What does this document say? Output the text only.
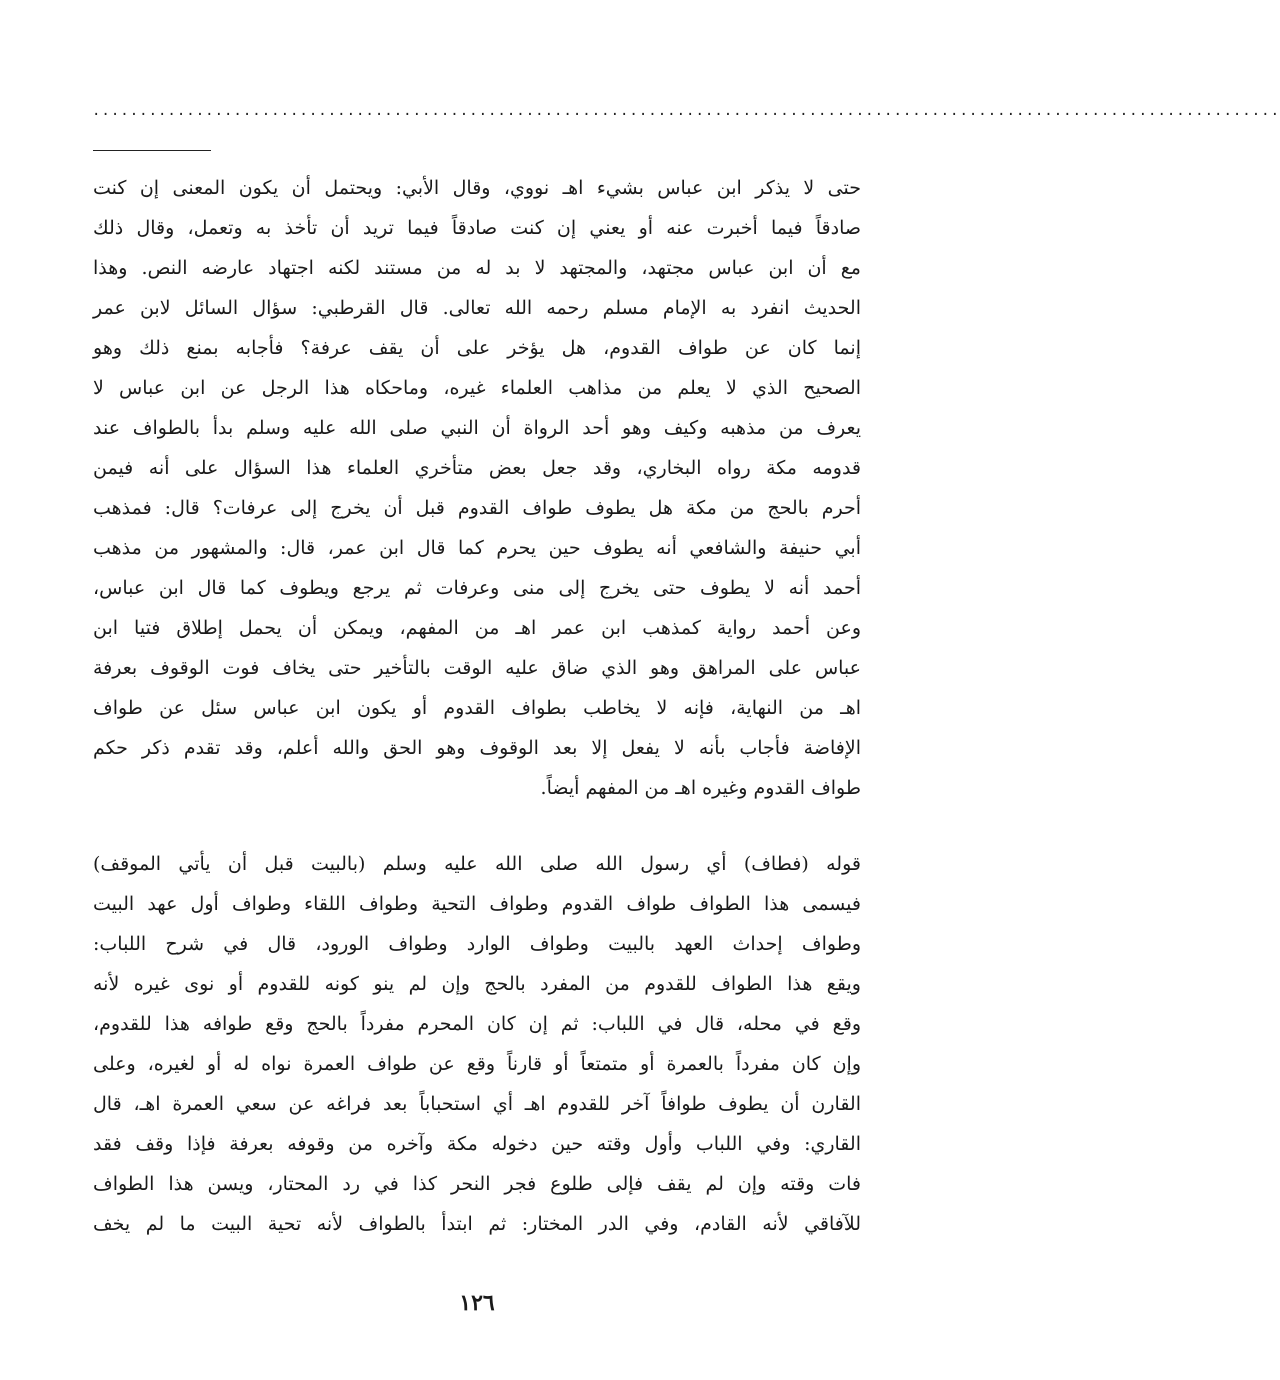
..............................................................................................................................
حتى لا يذكر ابن عباس بشيء اهـ نووي، وقال الأبي: ويحتمل أن يكون المعنى إن كنت
صادقاً فيما أخبرت عنه أو يعني إن كنت صادقاً فيما تريد أن تأخذ به وتعمل، وقال ذلك
مع أن ابن عباس مجتهد، والمجتهد لا بد له من مستند لكنه اجتهاد عارضه النص. وهذا
الحديث انفرد به الإمام مسلم رحمه الله تعالى. قال القرطبي: سؤال السائل لابن عمر
إنما كان عن طواف القدوم، هل يؤخر على أن يقف عرفة؟ فأجابه بمنع ذلك وهو
الصحيح الذي لا يعلم من مذاهب العلماء غيره، وماحكاه هذا الرجل عن ابن عباس لا
يعرف من مذهبه وكيف وهو أحد الرواة أن النبي صلى الله عليه وسلم بدأ بالطواف عند
قدومه مكة رواه البخاري، وقد جعل بعض متأخري العلماء هذا السؤال على أنه فيمن
أحرم بالحج من مكة هل يطوف طواف القدوم قبل أن يخرج إلى عرفات؟ قال: فمذهب
أبي حنيفة والشافعي أنه يطوف حين يحرم كما قال ابن عمر، قال: والمشهور من مذهب
أحمد أنه لا يطوف حتى يخرج إلى منى وعرفات ثم يرجع ويطوف كما قال ابن عباس،
وعن أحمد رواية كمذهب ابن عمر اهـ من المفهم، ويمكن أن يحمل إطلاق فتيا ابن
عباس على المراهق وهو الذي ضاق عليه الوقت بالتأخير حتى يخاف فوت الوقوف بعرفة
اهـ من النهاية، فإنه لا يخاطب بطواف القدوم أو يكون ابن عباس سئل عن طواف
الإفاضة فأجاب بأنه لا يفعل إلا بعد الوقوف وهو الحق والله أعلم، وقد تقدم ذكر حكم
طواف القدوم وغيره اهـ من المفهم أيضاً.
قوله (فطاف) أي رسول الله صلى الله عليه وسلم (بالبيت قبل أن يأتي الموقف)
فيسمى هذا الطواف طواف القدوم وطواف التحية وطواف اللقاء وطواف أول عهد البيت
وطواف إحداث العهد بالبيت وطواف الوارد وطواف الورود، قال في شرح اللباب:
ويقع هذا الطواف للقدوم من المفرد بالحج وإن لم ينو كونه للقدوم أو نوى غيره لأنه
وقع في محله، قال في اللباب: ثم إن كان المحرم مفرداً بالحج وقع طوافه هذا للقدوم،
وإن كان مفرداً بالعمرة أو متمتعاً أو قارناً وقع عن طواف العمرة نواه له أو لغيره، وعلى
القارن أن يطوف طوافاً آخر للقدوم اهـ أي استحباباً بعد فراغه عن سعي العمرة اهـ، قال
القاري: وفي اللباب وأول وقته حين دخوله مكة وآخره من وقوفه بعرفة فإذا وقف فقد
فات وقته وإن لم يقف فإلى طلوع فجر النحر كذا في رد المحتار، ويسن هذا الطواف
للآفاقي لأنه القادم، وفي الدر المختار: ثم ابتدأ بالطواف لأنه تحية البيت ما لم يخف
١٢٦
